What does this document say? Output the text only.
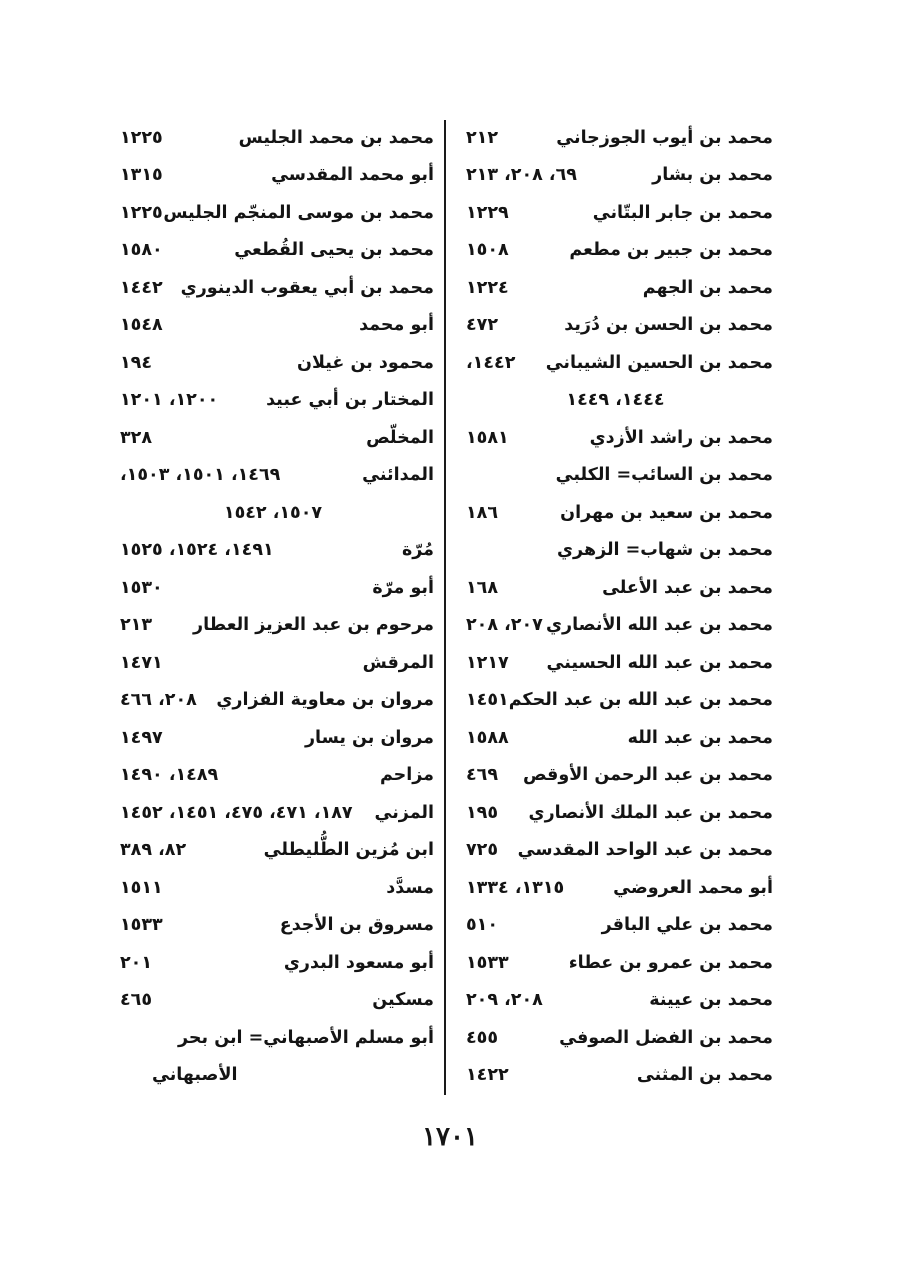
محمد بن أيوب الجوزجاني
٢١٢
محمد بن بشار
٦٩، ٢٠٨، ٢١٣
محمد بن جابر البتّاني
١٢٢٩
محمد بن جبير بن مطعم
١٥٠٨
محمد بن الجهم
١٢٢٤
محمد بن الحسن بن دُرَيد
٤٧٢
محمد بن الحسين الشيباني
١٤٤٢،
١٤٤٤، ١٤٤٩
محمد بن راشد الأزدي
١٥٨١
محمد بن السائب= الكلبي
محمد بن سعيد بن مهران
١٨٦
محمد بن شهاب= الزهري
محمد بن عبد الأعلى
١٦٨
محمد بن عبد الله الأنصاري
٢٠٧، ٢٠٨
محمد بن عبد الله الحسيني
١٢١٧
محمد بن عبد الله بن عبد الحكم
١٤٥١
محمد بن عبد الله
١٥٨٨
محمد بن عبد الرحمن الأوقص
٤٦٩
محمد بن عبد الملك الأنصاري
١٩٥
محمد بن عبد الواحد المقدسي
٧٢٥
أبو محمد العروضي
١٣١٥، ١٣٣٤
محمد بن علي الباقر
٥١٠
محمد بن عمرو بن عطاء
١٥٣٣
محمد بن عيينة
٢٠٨، ٢٠٩
محمد بن الفضل الصوفي
٤٥٥
محمد بن المثنى
١٤٢٢
محمد بن محمد الجليس
١٢٢٥
أبو محمد المقدسي
١٣١٥
محمد بن موسى المنجّم الجليس
١٢٢٥
محمد بن يحيى القُطعي
١٥٨٠
محمد بن أبي يعقوب الدينوري
١٤٤٢
أبو محمد
١٥٤٨
محمود بن غيلان
١٩٤
المختار بن أبي عبيد
١٢٠٠، ١٢٠١
المخلّص
٣٢٨
المدائني
١٤٦٩، ١٥٠١، ١٥٠٣،
١٥٠٧، ١٥٤٢
مُرّة
١٤٩١، ١٥٢٤، ١٥٢٥
أبو مرّة
١٥٣٠
مرحوم بن عبد العزيز العطار
٢١٣
المرقش
١٤٧١
مروان بن معاوية الفزاري
٢٠٨، ٤٦٦
مروان بن يسار
١٤٩٧
مزاحم
١٤٨٩، ١٤٩٠
المزني
١٨٧، ٤٧١، ٤٧٥، ١٤٥١، ١٤٥٢
ابن مُزين الطُّليطلي
٨٢، ٣٨٩
مسدَّد
١٥١١
مسروق بن الأجدع
١٥٣٣
أبو مسعود البدري
٢٠١
مسكين
٤٦٥
أبو مسلم الأصبهاني= ابن بحر
الأصبهاني
١٧٠١
